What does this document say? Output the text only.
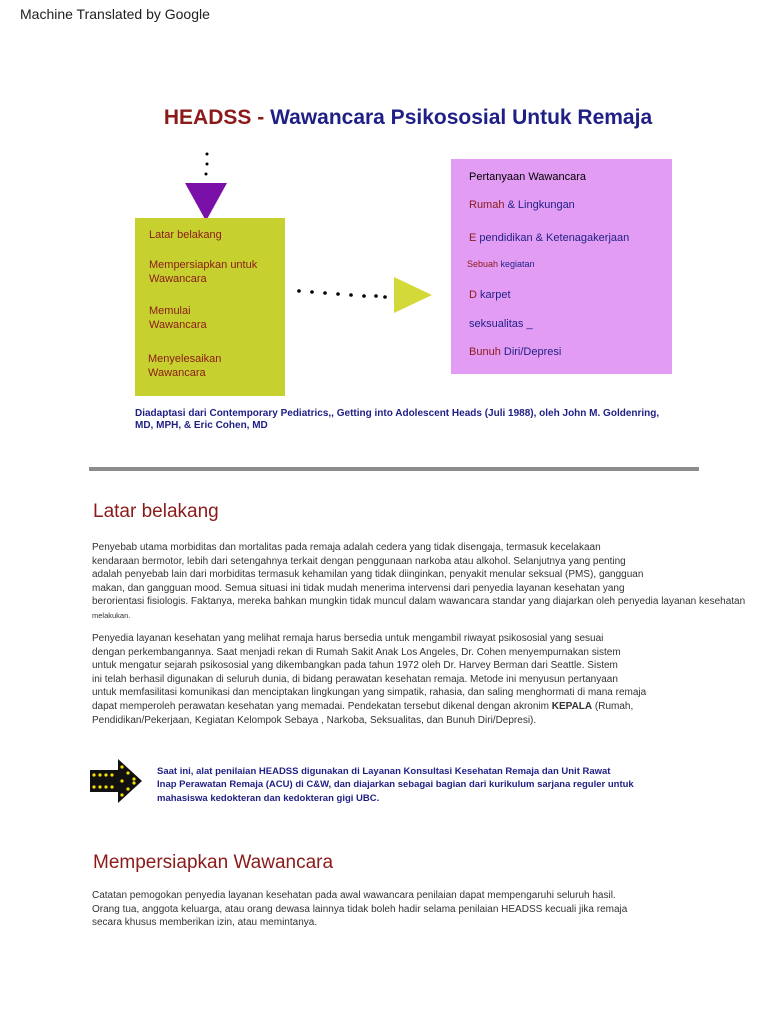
Machine Translated by Google
HEADSS - Wawancara Psikososial Untuk Remaja
Latar belakang
Mempersiapkan untuk Wawancara
Memulai Wawancara
Menyelesaikan Wawancara
Pertanyaan Wawancara
Rumah & Lingkungan
E pendidikan & Ketenagakerjaan
Sebuah kegiatan
D karpet
seksualitas _
Bunuh Diri/Depresi
Diadaptasi dari Contemporary Pediatrics,, Getting into Adolescent Heads (Juli 1988), oleh John M. Goldenring, MD, MPH, & Eric Cohen, MD
Latar belakang
Penyebab utama morbiditas dan mortalitas pada remaja adalah cedera yang tidak disengaja, termasuk kecelakaan
kendaraan bermotor, lebih dari setengahnya terkait dengan penggunaan narkoba atau alkohol. Selanjutnya yang penting
adalah penyebab lain dari morbiditas termasuk kehamilan yang tidak diinginkan, penyakit menular seksual (PMS), gangguan
makan, dan gangguan mood. Semua situasi ini tidak mudah menerima intervensi dari penyedia layanan kesehatan yang
berorientasi fisiologis. Faktanya, mereka bahkan mungkin tidak muncul dalam wawancara standar yang diajarkan oleh penyedia layanan kesehatan
melakukan.
Penyedia layanan kesehatan yang melihat remaja harus bersedia untuk mengambil riwayat psikososial yang sesuai
dengan perkembangannya. Saat menjadi rekan di Rumah Sakit Anak Los Angeles, Dr. Cohen menyempurnakan sistem
untuk mengatur sejarah psikososial yang dikembangkan pada tahun 1972 oleh Dr. Harvey Berman dari Seattle. Sistem
ini telah berhasil digunakan di seluruh dunia, di bidang perawatan kesehatan remaja. Metode ini menyusun pertanyaan
untuk memfasilitasi komunikasi dan menciptakan lingkungan yang simpatik, rahasia, dan saling menghormati di mana remaja
dapat memperoleh perawatan kesehatan yang memadai. Pendekatan tersebut dikenal dengan akronim KEPALA (Rumah,
Pendidikan/Pekerjaan, Kegiatan Kelompok Sebaya , Narkoba, Seksualitas, dan Bunuh Diri/Depresi).
Saat ini, alat penilaian HEADSS digunakan di Layanan Konsultasi Kesehatan Remaja dan Unit Rawat
Inap Perawatan Remaja (ACU) di C&W, dan diajarkan sebagai bagian dari kurikulum sarjana reguler untuk
mahasiswa kedokteran dan kedokteran gigi UBC.
Mempersiapkan Wawancara
Catatan pemogokan penyedia layanan kesehatan pada awal wawancara penilaian dapat mempengaruhi seluruh hasil.
Orang tua, anggota keluarga, atau orang dewasa lainnya tidak boleh hadir selama penilaian HEADSS kecuali jika remaja
secara khusus memberikan izin, atau memintanya.
